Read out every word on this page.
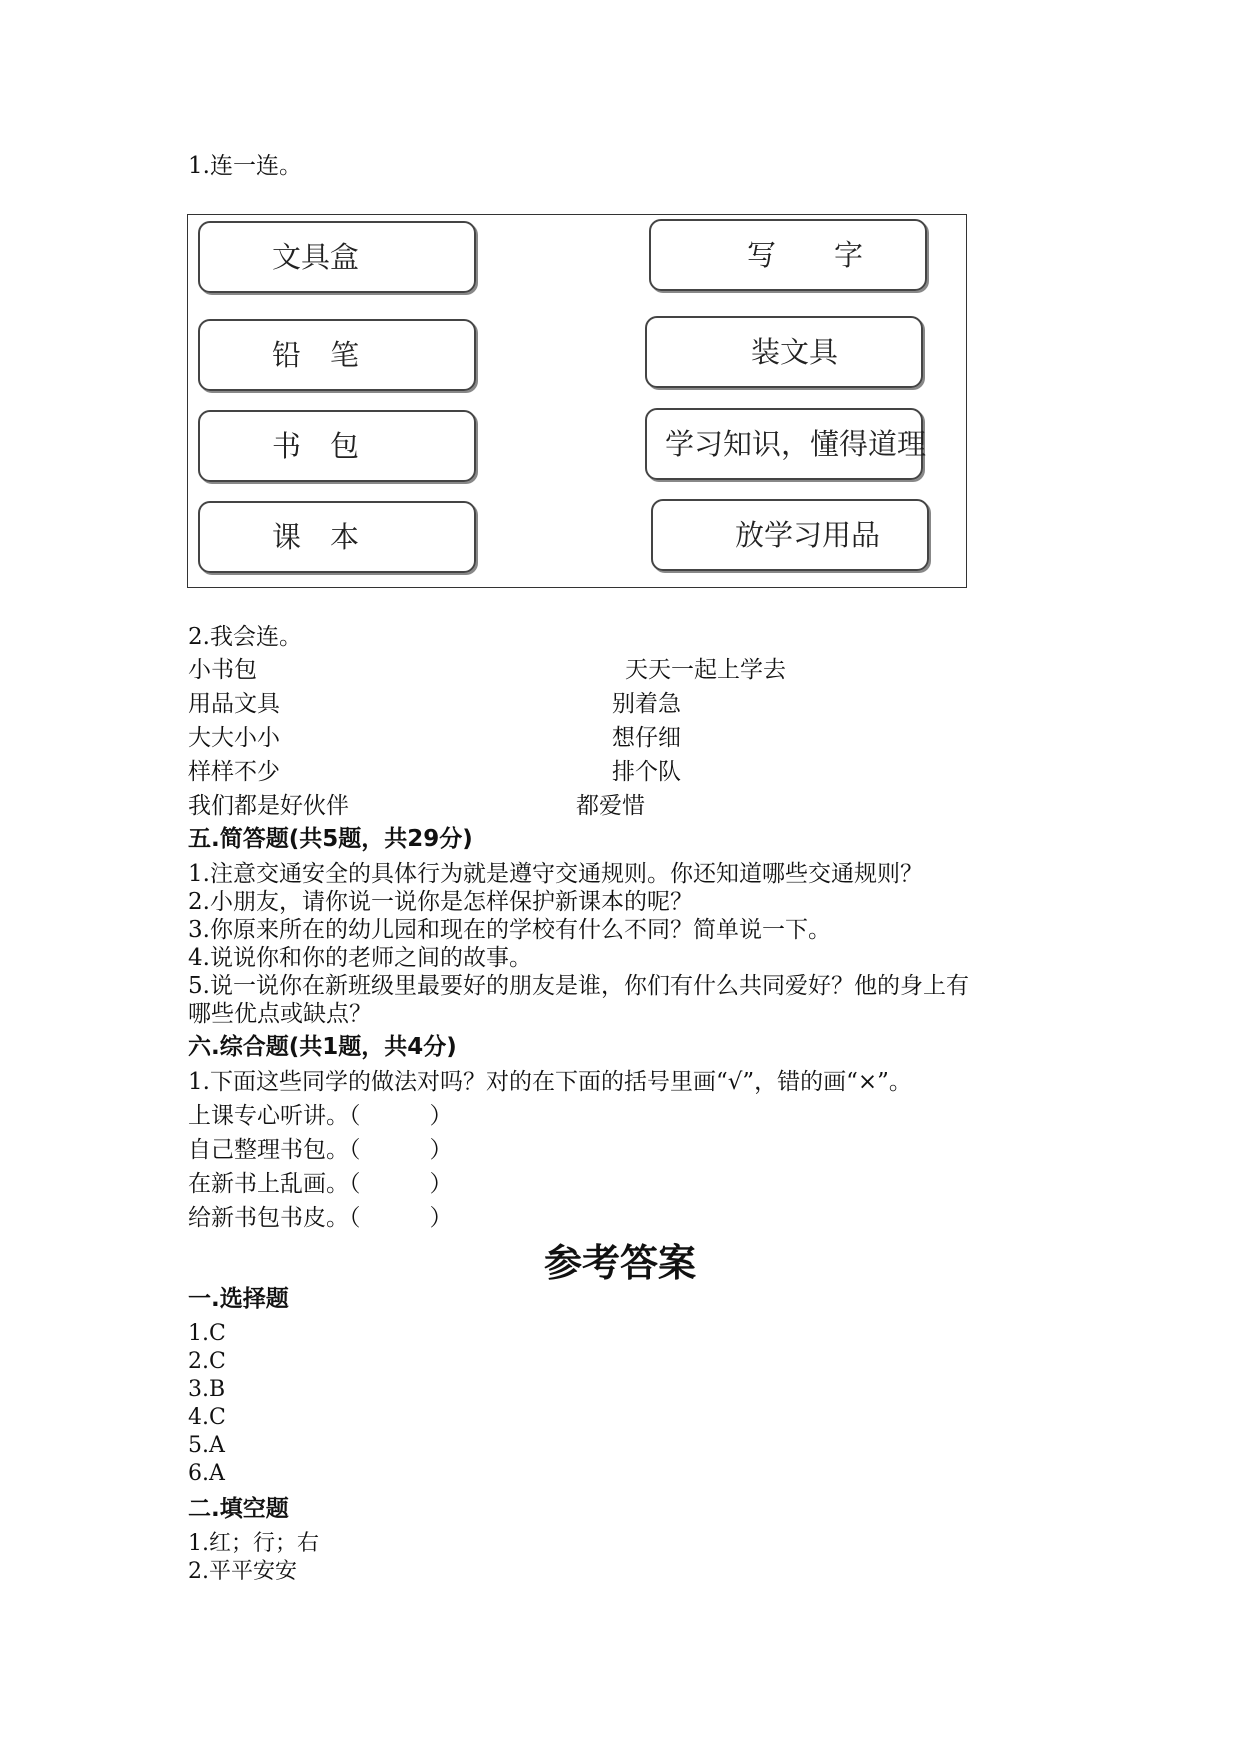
1.连一连。
文具盒
铅　笔
书　包
课　本
写　　字
装文具
学习知识，懂得道理
放学习用品
2.我会连。
小书包	天天一起上学去
用品文具	别着急
大大小小	想仔细
样样不少	排个队
我们都是好伙伴	都爱惜
五.简答题(共5题，共29分)
1.注意交通安全的具体行为就是遵守交通规则。你还知道哪些交通规则？
2.小朋友，请你说一说你是怎样保护新课本的呢？
3.你原来所在的幼儿园和现在的学校有什么不同？简单说一下。
4.说说你和你的老师之间的故事。
5.说一说你在新班级里最要好的朋友是谁，你们有什么共同爱好？他的身上有
哪些优点或缺点？
六.综合题(共1题，共4分)
1.下面这些同学的做法对吗？对的在下面的括号里画“√”，错的画“×”。
上课专心听讲。（　　　）
自己整理书包。（　　　）
在新书上乱画。（　　　）
给新书包书皮。（　　　）
参考答案
一.选择题
1.C
2.C
3.B
4.C
5.A
6.A
二.填空题
1.红；行；右
2.平平安安
